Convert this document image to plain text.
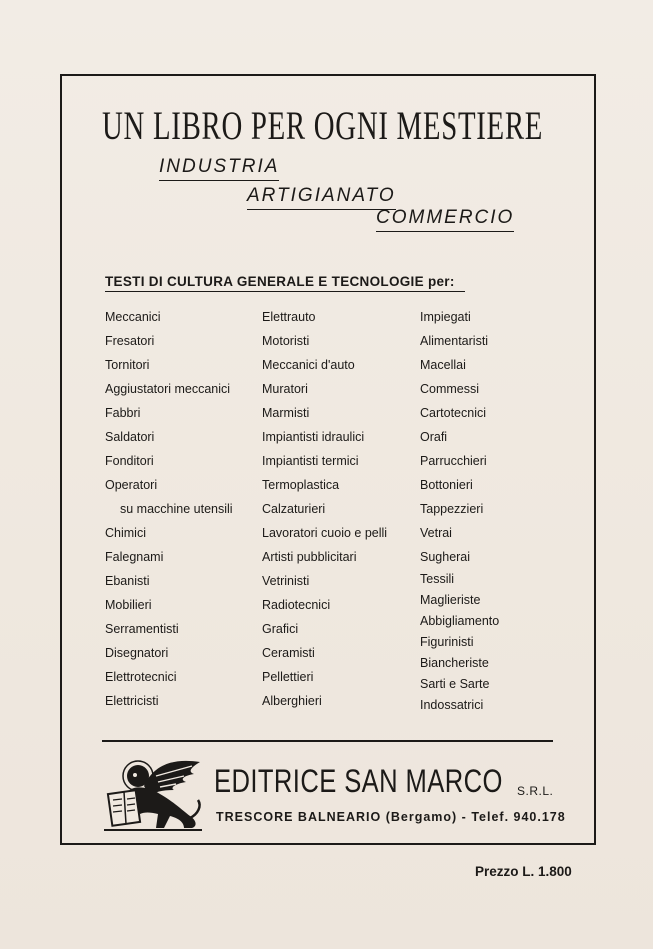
UN LIBRO PER OGNI MESTIERE
INDUSTRIA
ARTIGIANATO
COMMERCIO
TESTI DI CULTURA GENERALE E TECNOLOGIE per:
Meccanici
Fresatori
Tornitori
Aggiustatori meccanici
Fabbri
Saldatori
Fonditori
Operatori
su macchine utensili
Chimici
Falegnami
Ebanisti
Mobilieri
Serramentisti
Disegnatori
Elettrotecnici
Elettricisti
Elettrauto
Motoristi
Meccanici d'auto
Muratori
Marmisti
Impiantisti idraulici
Impiantisti termici
Termoplastica
Calzaturieri
Lavoratori cuoio e pelli
Artisti pubblicitari
Vetrinisti
Radiotecnici
Grafici
Ceramisti
Pellettieri
Alberghieri
Impiegati
Alimentaristi
Macellai
Commessi
Cartotecnici
Orafi
Parrucchieri
Bottonieri
Tappezzieri
Vetrai
Sugherai
Tessili
Maglieriste
Abbigliamento
Figurinisti
Biancheriste
Sarti e Sarte
Indossatrici
EDITRICE SAN MARCO S.R.L.
TRESCORE BALNEARIO (Bergamo) - Telef. 940.178
Prezzo L. 1.800
